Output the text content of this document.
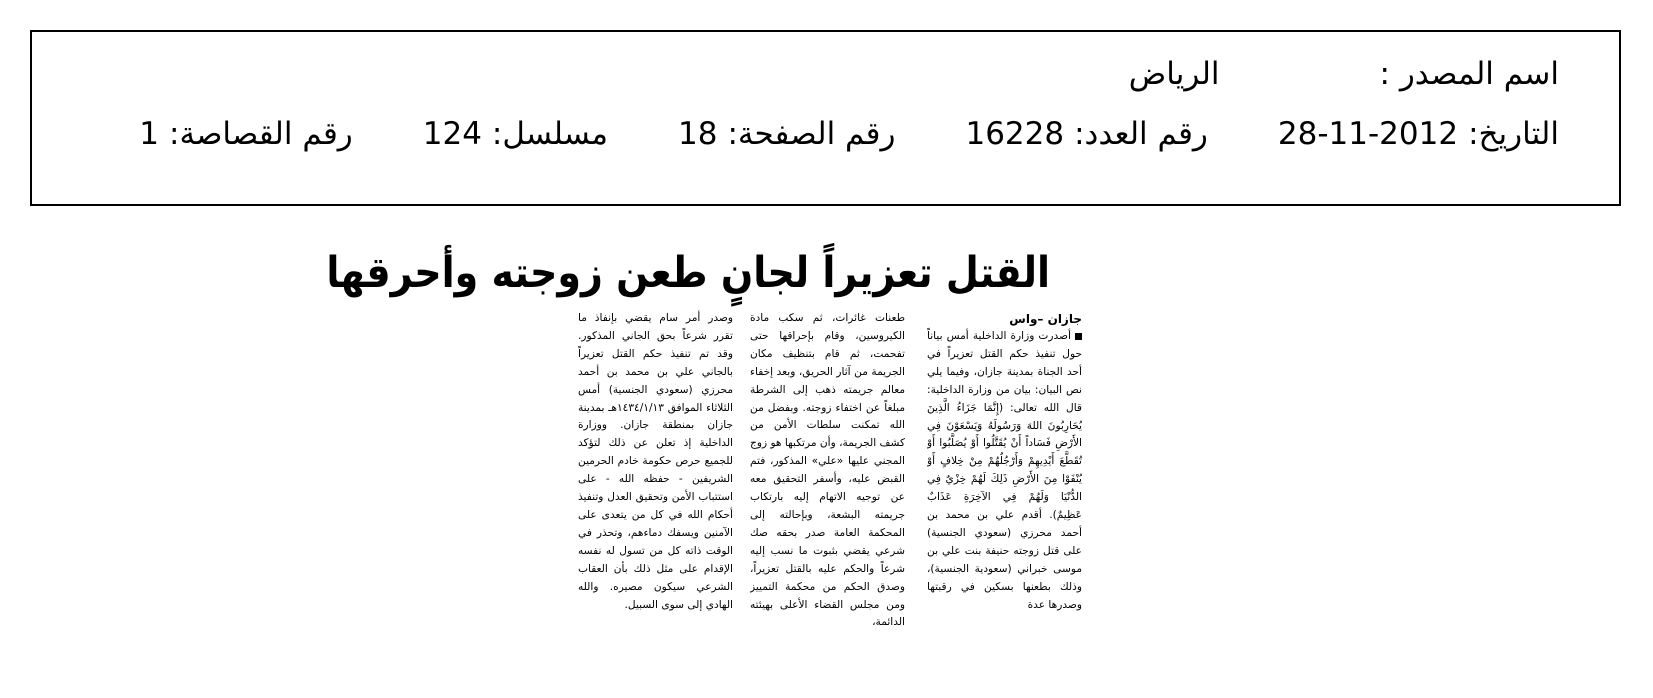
اسم المصدر :
الرياض
التاريخ:
28-11-2012
رقم العدد:
16228
رقم الصفحة:
18
مسلسل:
124
رقم القصاصة:
1
القتل تعزيراً لجانٍ طعن زوجته وأحرقها
جازان –واس
أصدرت وزارة الداخلية أمس بياناً حول تنفيذ حكم القتل تعزيراً في أحد الجناة بمدينة جازان، وفيما يلي نص البيان: بيان من وزارة الداخلية: قال الله تعالى: (إِنَّمَا جَزَاءُ الَّذِينَ يُحَارِبُونَ اللهَ وَرَسُولَهُ وَيَسْعَوْنَ فِي الأَرْضِ فَسَاداً أَنْ يُقَتَّلُوا أَوْ يُصَلَّبُوا أَوْ تُقَطَّعَ أَيْدِيهِمْ وَأَرْجُلُهُمْ مِنْ خِلافٍ أَوْ يُنْفَوْا مِنَ الأَرْضِ ذَلِكَ لَهُمْ خِزْيٌ فِي الدُّنْيَا وَلَهُمْ فِي الآخِرَةِ عَذَابٌ عَظِيمٌ). أقدم علي بن محمد بن أحمد محرزي (سعودي الجنسية) على قتل زوجته حنيفة بنت علي بن موسى خبراني (سعودية الجنسية)، وذلك بطعنها بسكين في رقبتها وصدرها عدة
طعنات غائرات، ثم سكب مادة الكيروسين، وقام بإحراقها حتى تفحمت، ثم قام بتنظيف مكان الجريمة من آثار الحريق، وبعد إخفاء معالم جريمته ذهب إلى الشرطة مبلغاً عن اختفاء زوجته. وبفضل من الله تمكنت سلطات الأمن من كشف الجريمة، وأن مرتكبها هو زوج المجني عليها «علي» المذكور، فتم القبض عليه، وأسفر التحقيق معه عن توجيه الاتهام إليه بارتكاب جريمته البشعة، وبإحالته إلى المحكمة العامة صدر بحقه صك شرعي يقضي بثبوت ما نسب إليه شرعاً والحكم عليه بالقتل تعزيراً، وصدق الحكم من محكمة التمييز ومن مجلس القضاء الأعلى بهيئته الدائمة،
وصدر أمر سام يقضي بإنفاذ ما تقرر شرعاً بحق الجاني المذكور. وقد تم تنفيذ حكم القتل تعزيراً بالجاني علي بن محمد بن أحمد محرزي (سعودي الجنسية) أمس الثلاثاء الموافق ١٤٣٤/١/١٣هـ بمدينة جازان بمنطقة جازان. ووزارة الداخلية إذ تعلن عن ذلك لتؤكد للجميع حرص حكومة خادم الحرمين الشريفين - حفظه الله - على استتباب الأمن وتحقيق العدل وتنفيذ أحكام الله في كل من يتعدى على الآمنين ويسفك دماءهم، وتحذر في الوقت ذاته كل من تسول له نفسه الإقدام على مثل ذلك بأن العقاب الشرعي سيكون مصيره. والله الهادي إلى سوى السبيل.
